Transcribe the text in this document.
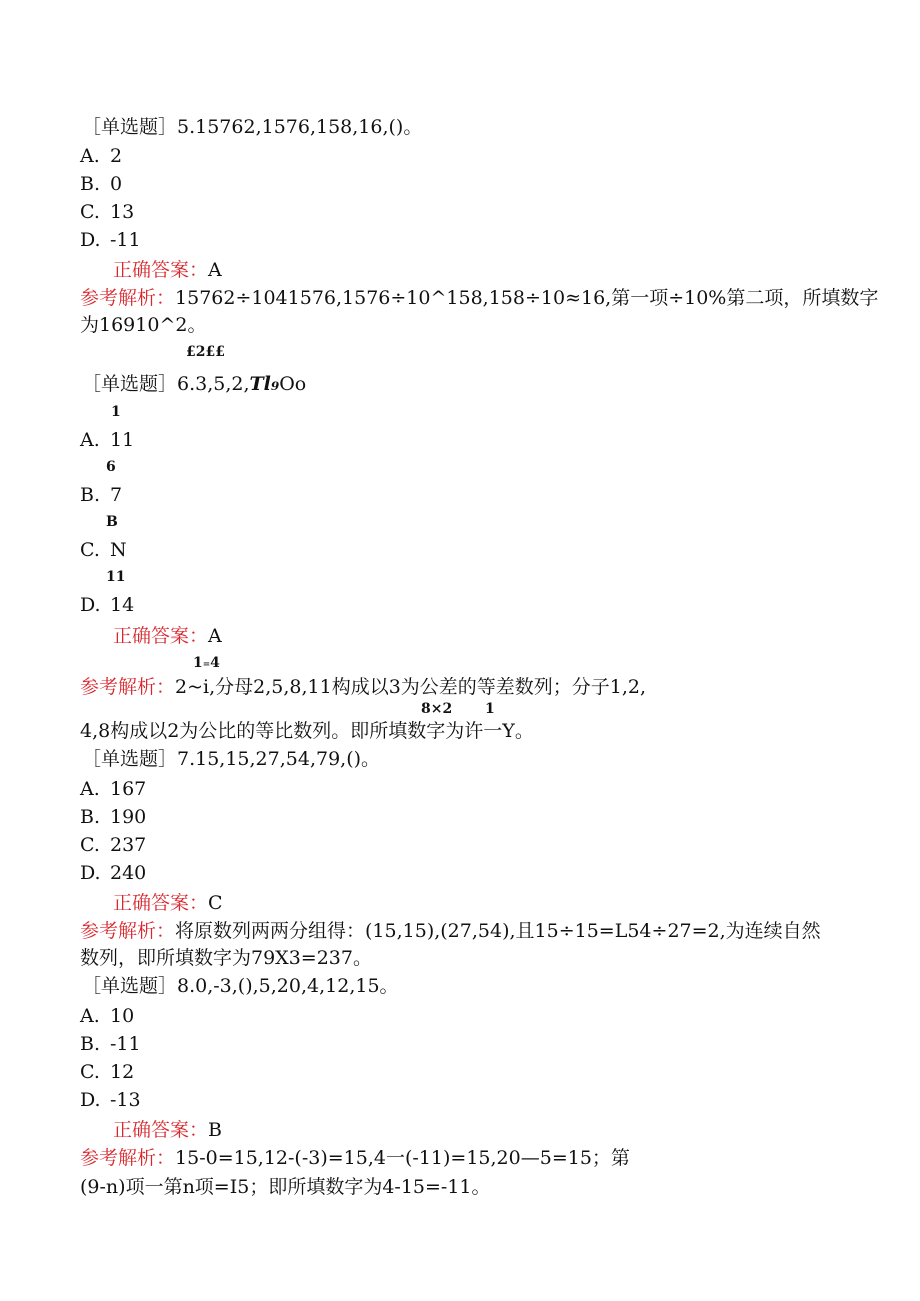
［单选题］5.15762,1576,158,16,()。
A. 2
B. 0
C. 13
D. -11
正确答案：A
参考解析：15762÷1041576,1576÷10^158,158÷10≈16,第一项÷10%第二项，所填数字
为16910^2。
£2££
［单选题］6.3,5,2,Tl₉Oo
1
A. 11
6
B. 7
B
C. N
11
D. 14
正确答案：A
1₌4
参考解析：2~i,分母2,5,8,11构成以3为公差的等差数列；分子1,2,
8×2 1
4,8构成以2为公比的等比数列。即所填数字为许一Y。
［单选题］7.15,15,27,54,79,()。
A. 167
B. 190
C. 237
D. 240
正确答案：C
参考解析：将原数列两两分组得：(15,15),(27,54),且15÷15=L54÷27=2,为连续自然
数列，即所填数字为79X3=237。
［单选题］8.0,-3,(),5,20,4,12,15。
A. 10
B. -11
C. 12
D. -13
正确答案：B
参考解析：15-0=15,12-(-3)=15,4一(-11)=15,20—5=15；第
(9-n)项一第n项=I5；即所填数字为4-15=-11。
